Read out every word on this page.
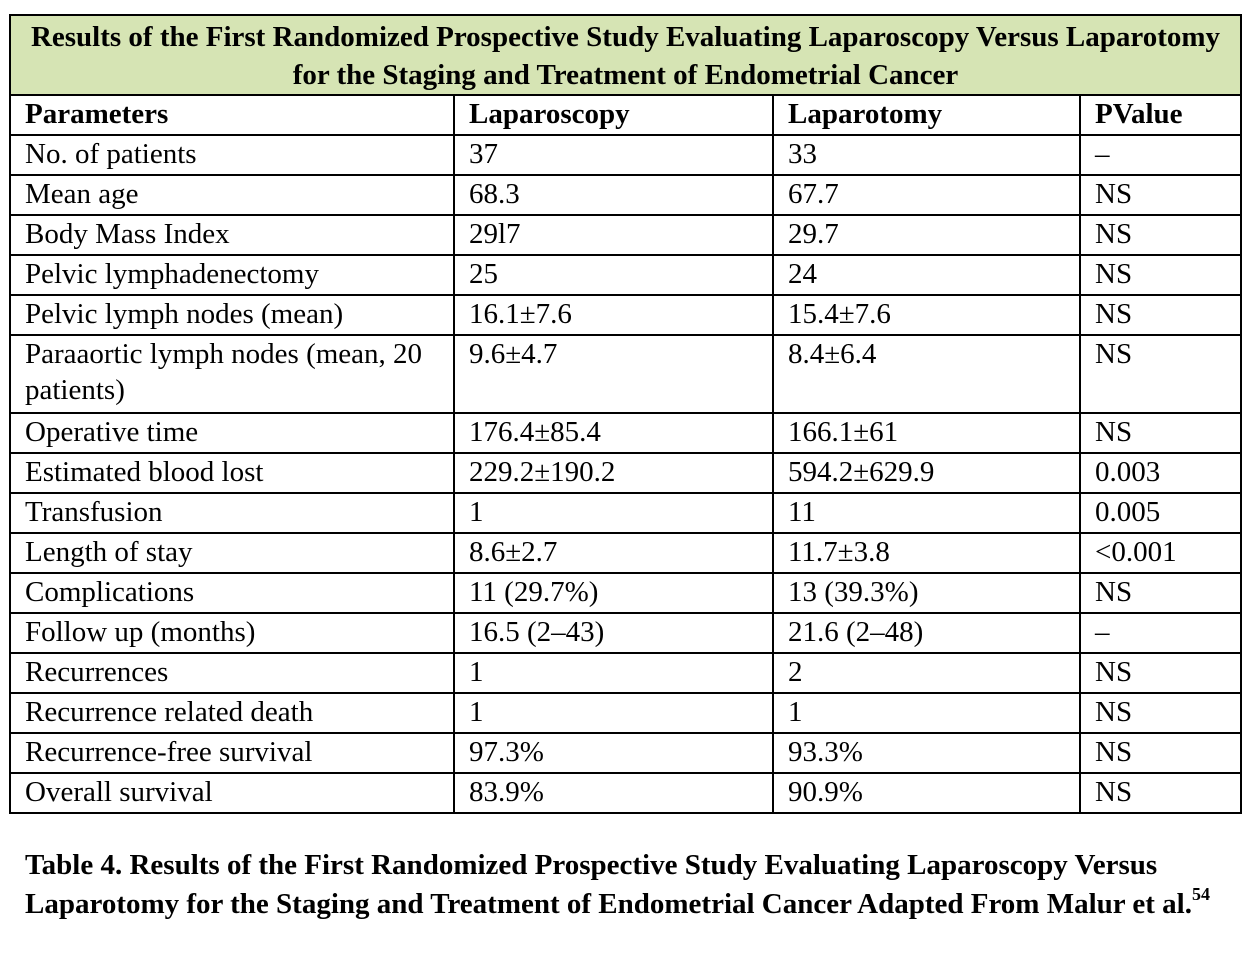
Results of the First Randomized Prospective Study Evaluating Laparoscopy Versus Laparotomy for the Staging and Treatment of Endometrial Cancer			
Parameters	Laparoscopy	Laparotomy	PValue
No. of patients	37	33	–
Mean age	68.3	67.7	NS
Body Mass Index	29l7	29.7	NS
Pelvic lymphadenectomy	25	24	NS
Pelvic lymph nodes (mean)	16.1±7.6	15.4±7.6	NS
Paraaortic lymph nodes (mean, 20 patients)	9.6±4.7	8.4±6.4	NS
Operative time	176.4±85.4	166.1±61	NS
Estimated blood lost	229.2±190.2	594.2±629.9	0.003
Transfusion	1	11	0.005
Length of stay	8.6±2.7	11.7±3.8	<0.001
Complications	11 (29.7%)	13 (39.3%)	NS
Follow up (months)	16.5 (2–43)	21.6 (2–48)	–
Recurrences	1	2	NS
Recurrence related death	1	1	NS
Recurrence-free survival	97.3%	93.3%	NS
Overall survival	83.9%	90.9%	NS
Table 4. Results of the First Randomized Prospective Study Evaluating Laparoscopy Versus Laparotomy for the Staging and Treatment of Endometrial Cancer Adapted From Malur et al.$^{54}$
